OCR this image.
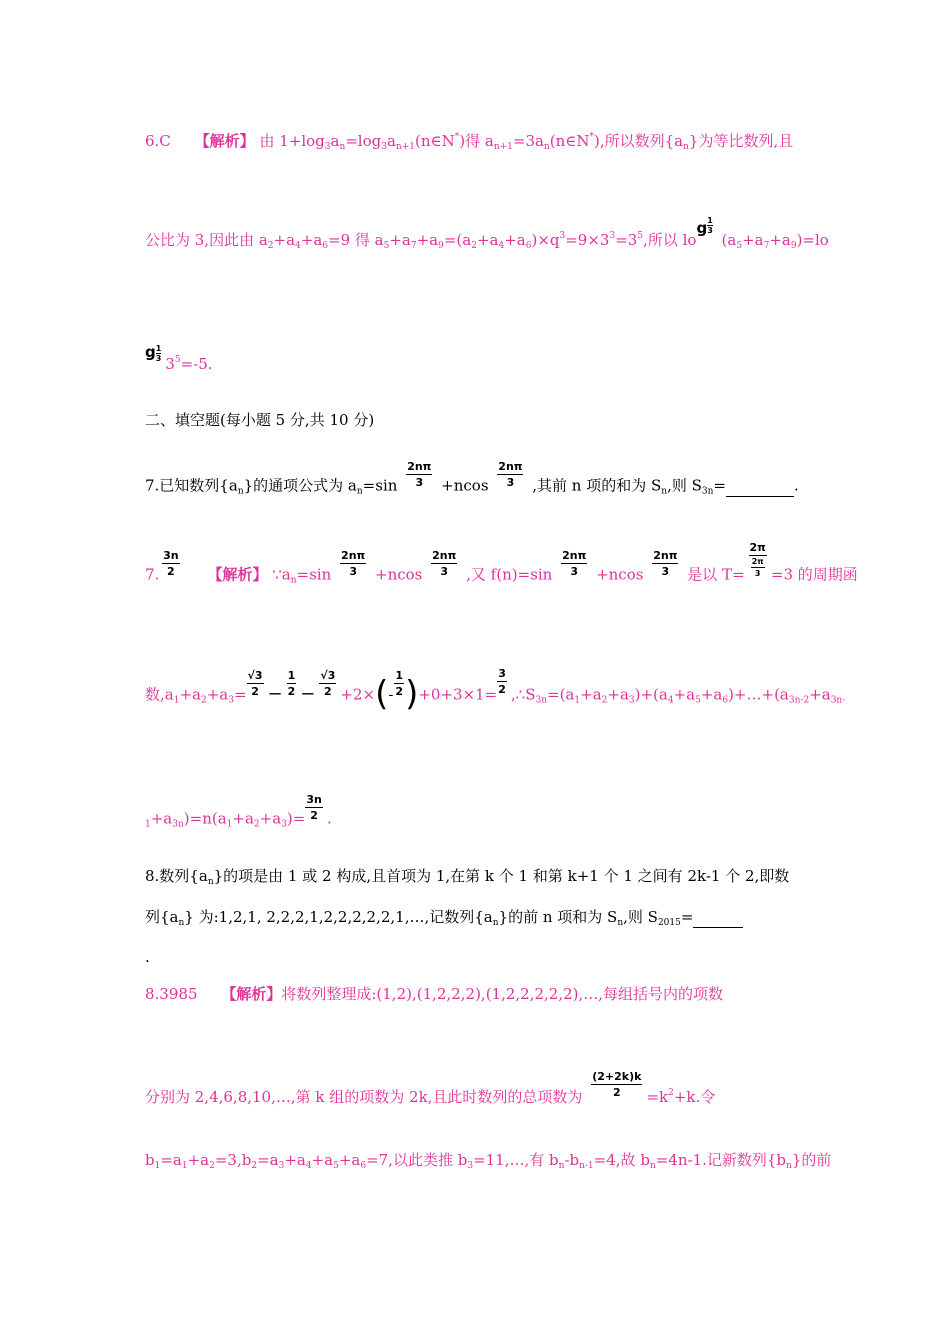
6.C 【解析】 由 $1+\log_3a_n=\log_3a_{n+1}(n\in N^*)$得 $a_{n+1}=3a_n(n\in N^*)$,所以数列$\{a_n\}$为等比数列,且
公比为 3,因此由 $a_2+a_4+a_6=9$ 得 $a_5+a_7+a_9=(a_2+a_4+a_6)\times q^3=9\times 3^3=3^5$,所以 $\log \frac{1}{3} (a_5+a_7+a_9)=lo$
g $\frac{1}{3}3^5=-5$.
二、填空题(每小题 5 分,共 10 分)
7.已知数列$\{a_n\}$的通项公式为 $a_n=\sin \frac{2n\pi}{3} +ncos \frac{2n\pi}{3}$ ,其前 n 项的和为 $S_n$,则 $S_{3n}=$	.
7. $\frac{3n}{2}$ 【解析】 $\because a_n=\sin \frac{2n\pi}{3} +ncos \frac{2n\pi}{3}$ ,又 $f(n)=\sin \frac{2n\pi}{3} +ncos \frac{2n\pi}{3}$ 是以 $T= \frac{2\pi}{\frac{2\pi}{3}} =3$ 的周期函
数$,a_1+a_2+a_3= \frac{√3}{2} - \frac{1}{2} - \frac{√3}{2} +2\times(- \frac{1}{2} )+0+3\times 1= \frac{3}{2}$ $,\therefore S_{3n}=(a_1+a_2+a_3)+(a_4+a_5+a_6)+\dots+(a_{3n-2}+a_{3n-}$
$_1+a_{3n})=n(a_1+a_2+a_3)= \frac{3n}{2}$ .
8.数列$\{a_n\}$的项是由 1 或 2 构成,且首项为 1,在第 k 个 1 和第 k+1 个 1 之间有 2k-1 个 2,即数
列$\{a_n\}$ 为:1,2,1, 2,2,2,1,2,2,2,2,2,1,…,记数列$\{a_n\}$的前 n 项和为 $S_n$,则 $S_{2015}=$
.
8.3985 【解析】将数列整理成:(1,2),(1,2,2,2),(1,2,2,2,2,2),…,每组括号内的项数
分别为 2,4,6,8,10,…,第 k 组的项数为 2k,且此时数列的总项数为 $\frac{(2+2k)k}{2} =k^2+k$.令
$b_1=a_1+a_2=3,b_2=a_3+a_4+a_5+a_6=7$,以此类推 $b_3=11,\dots$,有 $b_n-b_{n-1}=4$,故 $b_n=4n-1$.记新数列$\{b_n\}$的前
